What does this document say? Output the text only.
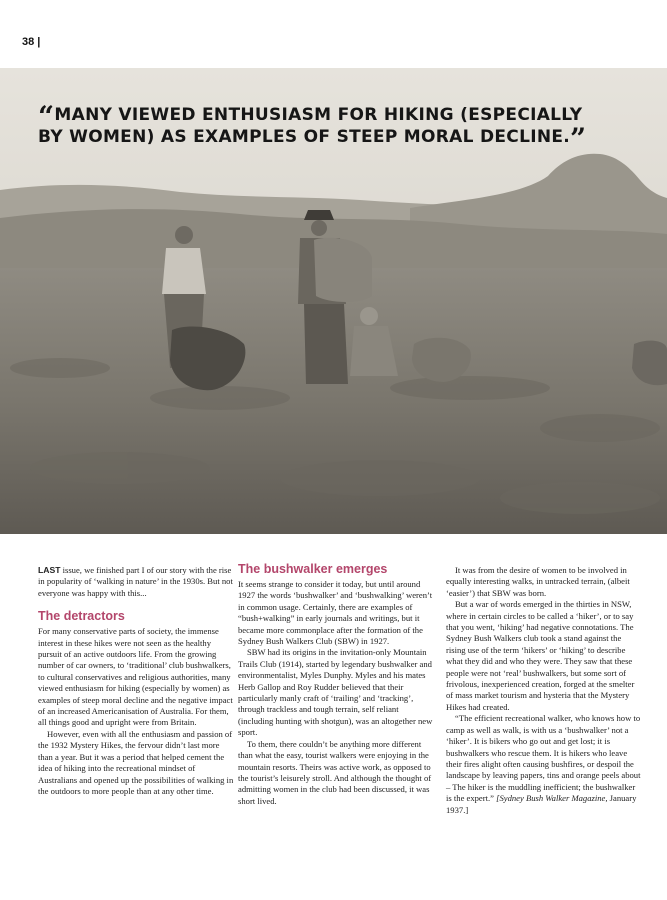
38 |
“MANY VIEWED ENTHUSIASM FOR HIKING (ESPECIALLY BY WOMEN) AS EXAMPLES OF STEEP MORAL DECLINE.”

LAST issue, we finished part I of our story with the rise in popularity of ‘walking in nature’ in the 1930s. But not everyone was happy with this...

The detractors

For many conservative parts of society, the immense interest in these hikes were not seen as the healthy pursuit of an active outdoors life. From the growing number of car owners, to ‘traditional’ club bushwalkers, to cultural conservatives and religious authorities, many viewed enthusiasm for hiking (especially by women) as examples of steep moral decline and the negative impact of an increased Americanisation of Australia. For them, all things good and upright were from Britain.

However, even with all the enthusiasm and passion of the 1932 Mystery Hikes, the fervour didn’t last more than a year. But it was a period that helped cement the idea of hiking into the recreational mindset of Australians and opened up the possibilities of walking in the outdoors to more people than at any other time.

The bushwalker emerges

It seems strange to consider it today, but until around 1927 the words ‘bushwalker’ and ‘bushwalking’ weren’t in common usage. Certainly, there are examples of “bush+walking” in early journals and writings, but it became more commonplace after the formation of the Sydney Bush Walkers Club (SBW) in 1927.

SBW had its origins in the invitation-only Mountain Trails Club (1914), started by legendary bushwalker and environmentalist, Myles Dunphy. Myles and his mates Herb Gallop and Roy Rudder believed that their particularly manly craft of ‘trailing’ and ‘tracking’, through trackless and tough terrain, self reliant (including hunting with shotgun), was an altogether new sport.

To them, there couldn’t be anything more different than what the easy, tourist walkers were enjoying in the mountain resorts. Theirs was active work, as opposed to the tourist’s leisurely stroll. And although the thought of admitting women in the club had been discussed, it was short lived.

It was from the desire of women to be involved in equally interesting walks, in untracked terrain, (albeit ‘easier’) that SBW was born.

But a war of words emerged in the thirties in NSW, where in certain circles to be called a ‘hiker’, or to say that you went, ‘hiking’ had negative connotations. The Sydney Bush Walkers club took a stand against the rising use of the term ‘hikers’ or ‘hiking’ to describe what they did and who they were. They saw that these people were not ‘real’ bushwalkers, but some sort of frivolous, inexperienced creation, forged at the smelter of mass market tourism and hysteria that the Mystery Hikes had created.

“The efficient recreational walker, who knows how to camp as well as walk, is with us a ‘bushwalker’ not a ‘hiker’. It is bikers who go out and get lost; it is bushwalkers who rescue them. It is hikers who leave their fires alight often causing bushfires, or despoil the landscape by leaving papers, tins and orange peels about – The hiker is the muddling inefficient; the bushwalker is the expert.” [Sydney Bush Walker Magazine, January 1937.]
